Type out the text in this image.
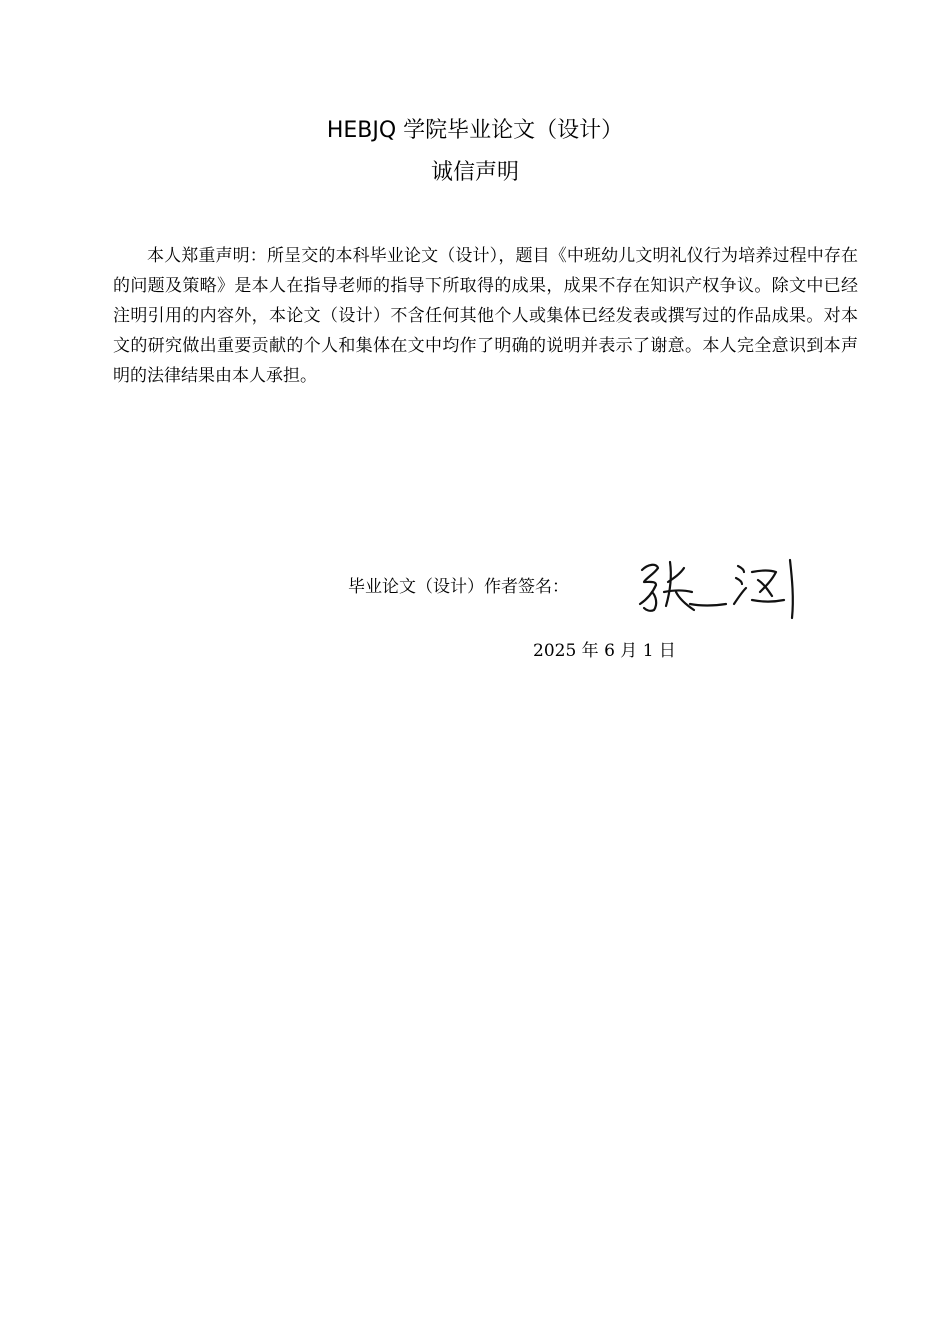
HEBJQ 学院毕业论文（设计）
诚信声明

本人郑重声明：所呈交的本科毕业论文（设计），题目《中班幼儿文明礼仪行为培养过程中存在的问题及策略》是本人在指导老师的指导下所取得的成果，成果不存在知识产权争议。除文中已经注明引用的内容外，本论文（设计）不含任何其他个人或集体已经发表或撰写过的作品成果。对本文的研究做出重要贡献的个人和集体在文中均作了明确的说明并表示了谢意。本人完全意识到本声明的法律结果由本人承担。

毕业论文（设计）作者签名：
2025 年 6 月 1 日
